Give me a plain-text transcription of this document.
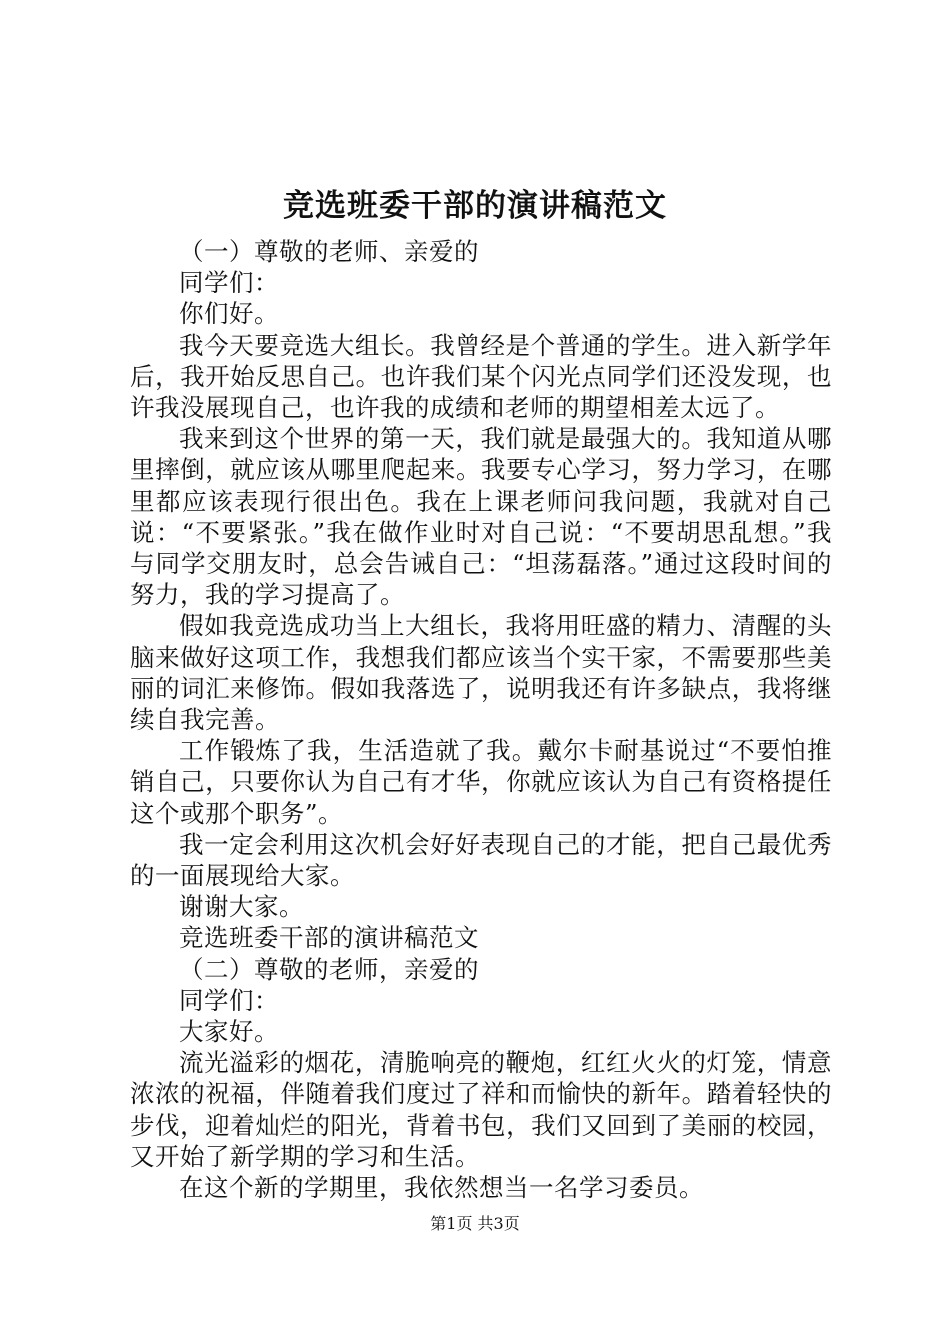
竞选班委干部的演讲稿范文

（一）尊敬的老师、亲爱的

同学们：

你们好。

我今天要竞选大组长。我曾经是个普通的学生。进入新学年后，我开始反思自己。也许我们某个闪光点同学们还没发现，也许我没展现自己，也许我的成绩和老师的期望相差太远了。

我来到这个世界的第一天，我们就是最强大的。我知道从哪里摔倒，就应该从哪里爬起来。我要专心学习，努力学习，在哪里都应该表现行很出色。我在上课老师问我问题，我就对自己说：“不要紧张。”我在做作业时对自己说：“不要胡思乱想。”我与同学交朋友时，总会告诫自己：“坦荡磊落。”通过这段时间的努力，我的学习提高了。

假如我竞选成功当上大组长，我将用旺盛的精力、清醒的头脑来做好这项工作，我想我们都应该当个实干家，不需要那些美丽的词汇来修饰。假如我落选了，说明我还有许多缺点，我将继续自我完善。

工作锻炼了我，生活造就了我。戴尔卡耐基说过“不要怕推销自己，只要你认为自己有才华，你就应该认为自己有资格提任这个或那个职务”。

我一定会利用这次机会好好表现自己的才能，把自己最优秀的一面展现给大家。

谢谢大家。

竞选班委干部的演讲稿范文

（二）尊敬的老师，亲爱的

同学们：

大家好。

流光溢彩的烟花，清脆响亮的鞭炮，红红火火的灯笼，情意浓浓的祝福，伴随着我们度过了祥和而愉快的新年。踏着轻快的步伐，迎着灿烂的阳光，背着书包，我们又回到了美丽的校园，又开始了新学期的学习和生活。

在这个新的学期里，我依然想当一名学习委员。

第1页 共3页
